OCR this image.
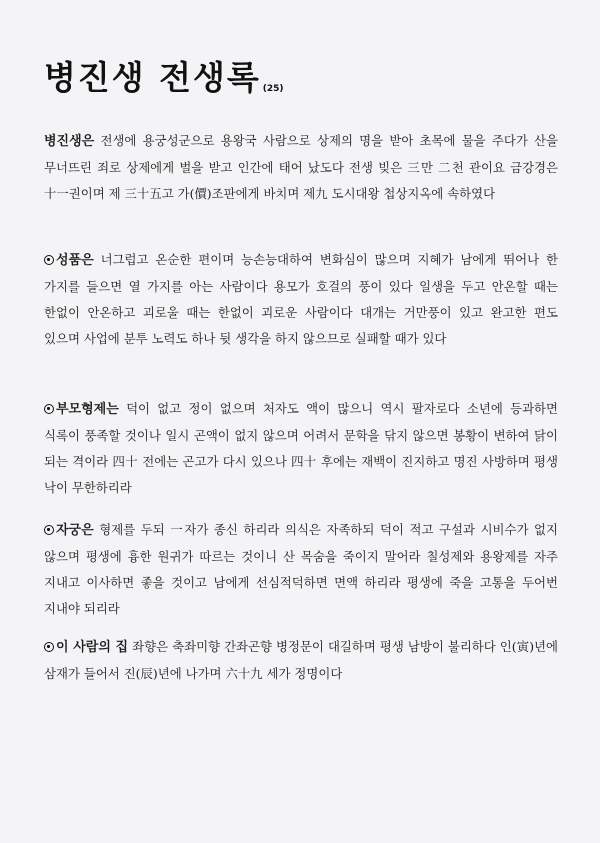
병진생 전생록 (25)

병진생은 전생에 용궁성군으로 용왕국 사람으로 상제의 명을 받아 초목에 물을 주다가 산을 무너뜨린 죄로 상제에게 벌을 받고 인간에 태어 났도다 전생 빚은 三만 二천 관이요 금강경은 十一권이며 제 三十五고 가(價)조판에게 바치며 제九 도시대왕 첩상지옥에 속하였다

성품은 너그럽고 온순한 편이며 능손능대하여 변화심이 많으며 지혜가 남에게 뛰어나 한 가지를 들으면 열 가지를 아는 사람이다 용모가 호걸의 풍이 있다 일생을 두고 안온할 때는 한없이 안온하고 괴로울 때는 한없이 괴로운 사람이다 대개는 거만풍이 있고 완고한 편도 있으며 사업에 분투 노력도 하나 뒷 생각을 하지 않으므로 실패할 때가 있다

부모형제는 덕이 없고 정이 없으며 처자도 액이 많으니 역시 팔자로다 소년에 등과하면 식록이 풍족할 것이나 일시 곤액이 없지 않으며 어려서 문학을 닦지 않으면 봉황이 변하여 닭이 되는 격이라 四十 전에는 곤고가 다시 있으나 四十 후에는 재백이 진지하고 명진 사방하며 평생 낙이 무한하리라

자궁은 형제를 두되 一자가 종신 하리라 의식은 자족하되 덕이 적고 구설과 시비수가 없지 않으며 평생에 흉한 원귀가 따르는 것이니 산 목숨을 죽이지 말어라 칠성제와 용왕제를 자주 지내고 이사하면 좋을 것이고 남에게 선심적덕하면 면액 하리라 평생에 죽을 고통을 두어번 지내야 되리라

이 사람의 집 좌향은 축좌미향 간좌곤향 병정문이 대길하며 평생 남방이 불리하다 인(寅)년에 삼재가 들어서 진(辰)년에 나가며 六十九 세가 정명이다
